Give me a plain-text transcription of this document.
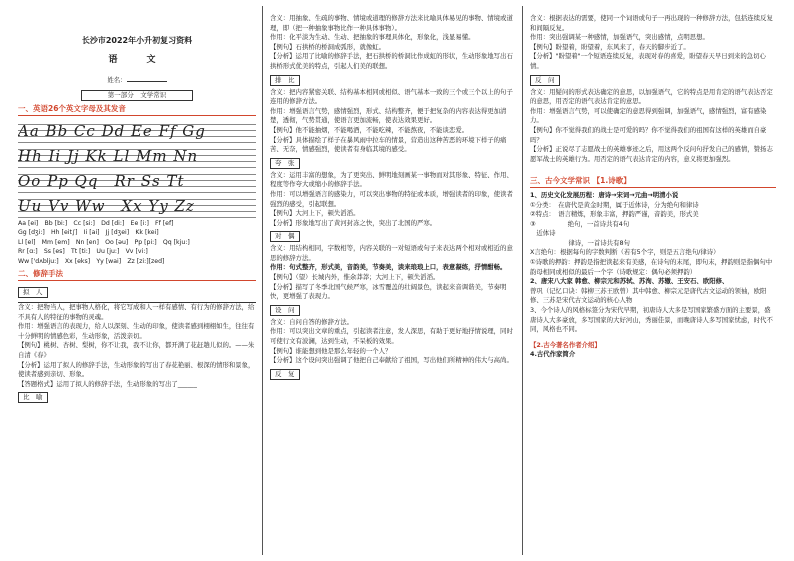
长沙市2022年小升初复习资料

语　文

姓名：

第一部分　文学常识
一、英语26个英文字母及其发音
Aa Bb Cc Dd Ee Ff Gg
Hh Ii Jj Kk Ll Mm Nn
Oo Pp Qq　Rr Ss Tt
Uu Vv Ww　Xx Yy Zz

Aa [ei]　Bb [bi:]　Cc [si:]　Dd [di:]　Ee [i:]　Ff [ef]

Gg [dʒi:]　Hh [eit∫]　Ii [ai]　Jj [dʒei]　Kk [kei]

Ll [el]　Mm [em]　Nn [en]　Oo [əu]　Pp [pi:]　Qq [kju:]

Rr [ɑ:]　Ss [es]　Tt [ti:]　Uu [ju:]　Vv [vi:]

Ww ['dʌblju:]　Xx [eks]　Yy [wai]　Zz [zi:][zed]

二、修辞手法
拟　人

含义：把物当人，把事物人格化，将它写成和人一样有感情、有行为的修辞方法，给不具有人的特征的事物的灵魂。

作用：增强语言的表现力，给人以深刻、生动的印象，使读者感到栩栩如生，往往有十分鲜明的情感色彩，生动形象，活泼亲切。

【例句】桃树、杏树、梨树，你不让我，我不让你，都开满了花赶趟儿似的。——朱自清《春》

【分析】运用了拟人的修辞手法，生动形象的写出了春花艳丽、根深的情形和景象，使读者感到亲切、形象。

【答题格式】运用了拟人的修辞手法，生动形象的写出了______

比　喻

含义：用抽象、生疏的事物、情境或道理的修辞方法来比喻具体易见的事物、情境或道理，即（把一种抽象事物比作一种具体事物）。

作用：化平淡为生动、生动、把抽象的事理具体化，形象化，浅显易懂。

【例句】石拱桥的桥洞成弧形，就像虹。

【分析】运用了比喻的修辞手法，把石拱桥的桥洞比作成虹的形状，生动形象地写出石拱桥形式优美的特点，引起人们美的联想。

排　比

含义：把内容紧密关联、结构基本相同或相似、语气基本一致的三个或三个以上的句子连用的修辞方法。

作用：增强语言气势，感情强烈，形式、结构整齐，便于把复杂的内容表达得更加清楚，透彻，气势贯通，使语言更加流畅，使表达效果更好。

【例句】他不能抽烟，不能喝酒，不能吃辣，不能熬夜，不能谈恋爱。

【分析】具体描绘了样子在暴风雨中拉车的情景，营造出这种苦恶的环境下样子的痛苦、无奈，情感强烈，使读者有身临其境的感受。

夸　张

含义：运用丰富的想象，为了更突出、鲜明地刻画某一事物而对其形象、特征、作用、程度等作夸大或缩小的修辞手法。

作用：可以增强语言的感染力，可以突出事物的特征或本质，增强读者的印象，使读者强烈的感受，引起联想。

【例句】大河上下，顿失滔滔。

【分析】形象地写出了黄河封冻之快，突出了北国的严寒。

对　偶

含义：用结构相同，字数相等，内容关联的一对短语或句子来表达两个相对或相近的意思的修辞方法。

作用：句式整齐，形式美，音韵美，节奏美，读来琅琅上口，表意凝练，抒情酣畅。

【例句】（望）长城内外，惟余莽莽；大河上下，顿失滔滔。

【分析】描写了冬季北国气候严寒，冰雪覆盖的壮阔景色，读起来音调谐美，节奏明快，更增强了表现力。

设　问

含义：自问自答的修辞方法。

作用：可以突出文章的重点，引起读者注意，发人深思，有助于更好地抒情说理，同时可使行文有波澜，达到生动，不呆板的效果。

【例句】谁能想到他是那么年轻的一个人？

【分析】这个设问突出强调了他把自己奉献给了祖国，写出他们所精神的伟大与高尚。

反　复

含义：根据表达的需要，使同一个词语或句子一再出现的一种修辞方法，包括连续反复和间隔反复。

作用：突出强调某一种感情，加强语气，突出感情，点明思想。

【例句】盼望着，盼望着，东风来了，春天的脚步近了。

【分析】"盼望着"一个短语连续反复，表现对春的喜爱，盼望春天早日到来的急切心情。

反　问

含义：用疑问的形式表达确定的意思，以加强语气，它的特点是用肯定的语气表达否定的意思，用否定的语气表达肯定的意思。

作用：增强语言气势，可以使确定的意思得到强调，加强语气，感情强烈，富有感染力。

【例句】你不觉得我们的战士是可爱的吗？你不觉得我们的祖国有这样的英雄而自豪吗？

【分析】正说尽了志愿战士的英雄事迹之后，用这两个反问句抒发自己的感情，赞扬志愿军战士的英雄行为。用否定的语气表达肯定的内容，意义将更加强烈。

三、古今文学常识 【1.诗歌】

1、历史文化发展历程：唐诗→宋词→元曲→明清小说

①分类：　在唐代是黄金时期，属于近体诗，分为绝句和律诗

②特点：　语言精炼，形象丰富，押韵严谨，音韵美，形式美

③　　　　　绝句，一首诗共有4句

　近体诗

　　　　　　律诗，一首诗共有8句

X言绝句：根据每句的字数判断（若有5个字，则是五言绝句/律诗）

①诗歌的押韵：押韵是指把读起来有美感，在诗句的末尾，即句末，押韵则是指偶句中韵母相同或相似的最后一个字（诗歌规定：偶句必须押韵）

2、唐宋八大家 韩愈、柳宗元和苏轼、苏洵、苏辙、王安石、欧阳修、

曾巩（记忆口诀：韩柳三苏王欧曾）其中韩愈、柳宗元是唐代古文运动的领袖，欧阳修、三苏是宋代古文运动的核心人物

3、今个诗人的风格标签分为宋代早期，初唐诗人大多是写国家繁盛方面的主要景，盛唐诗人大多豪放，多写国家的大好河山，秀丽佳景，而晚唐诗人多写国家忧虑，时代不同，风格也不同。

【2.古今著名作者介绍】

4.古代作家简介
